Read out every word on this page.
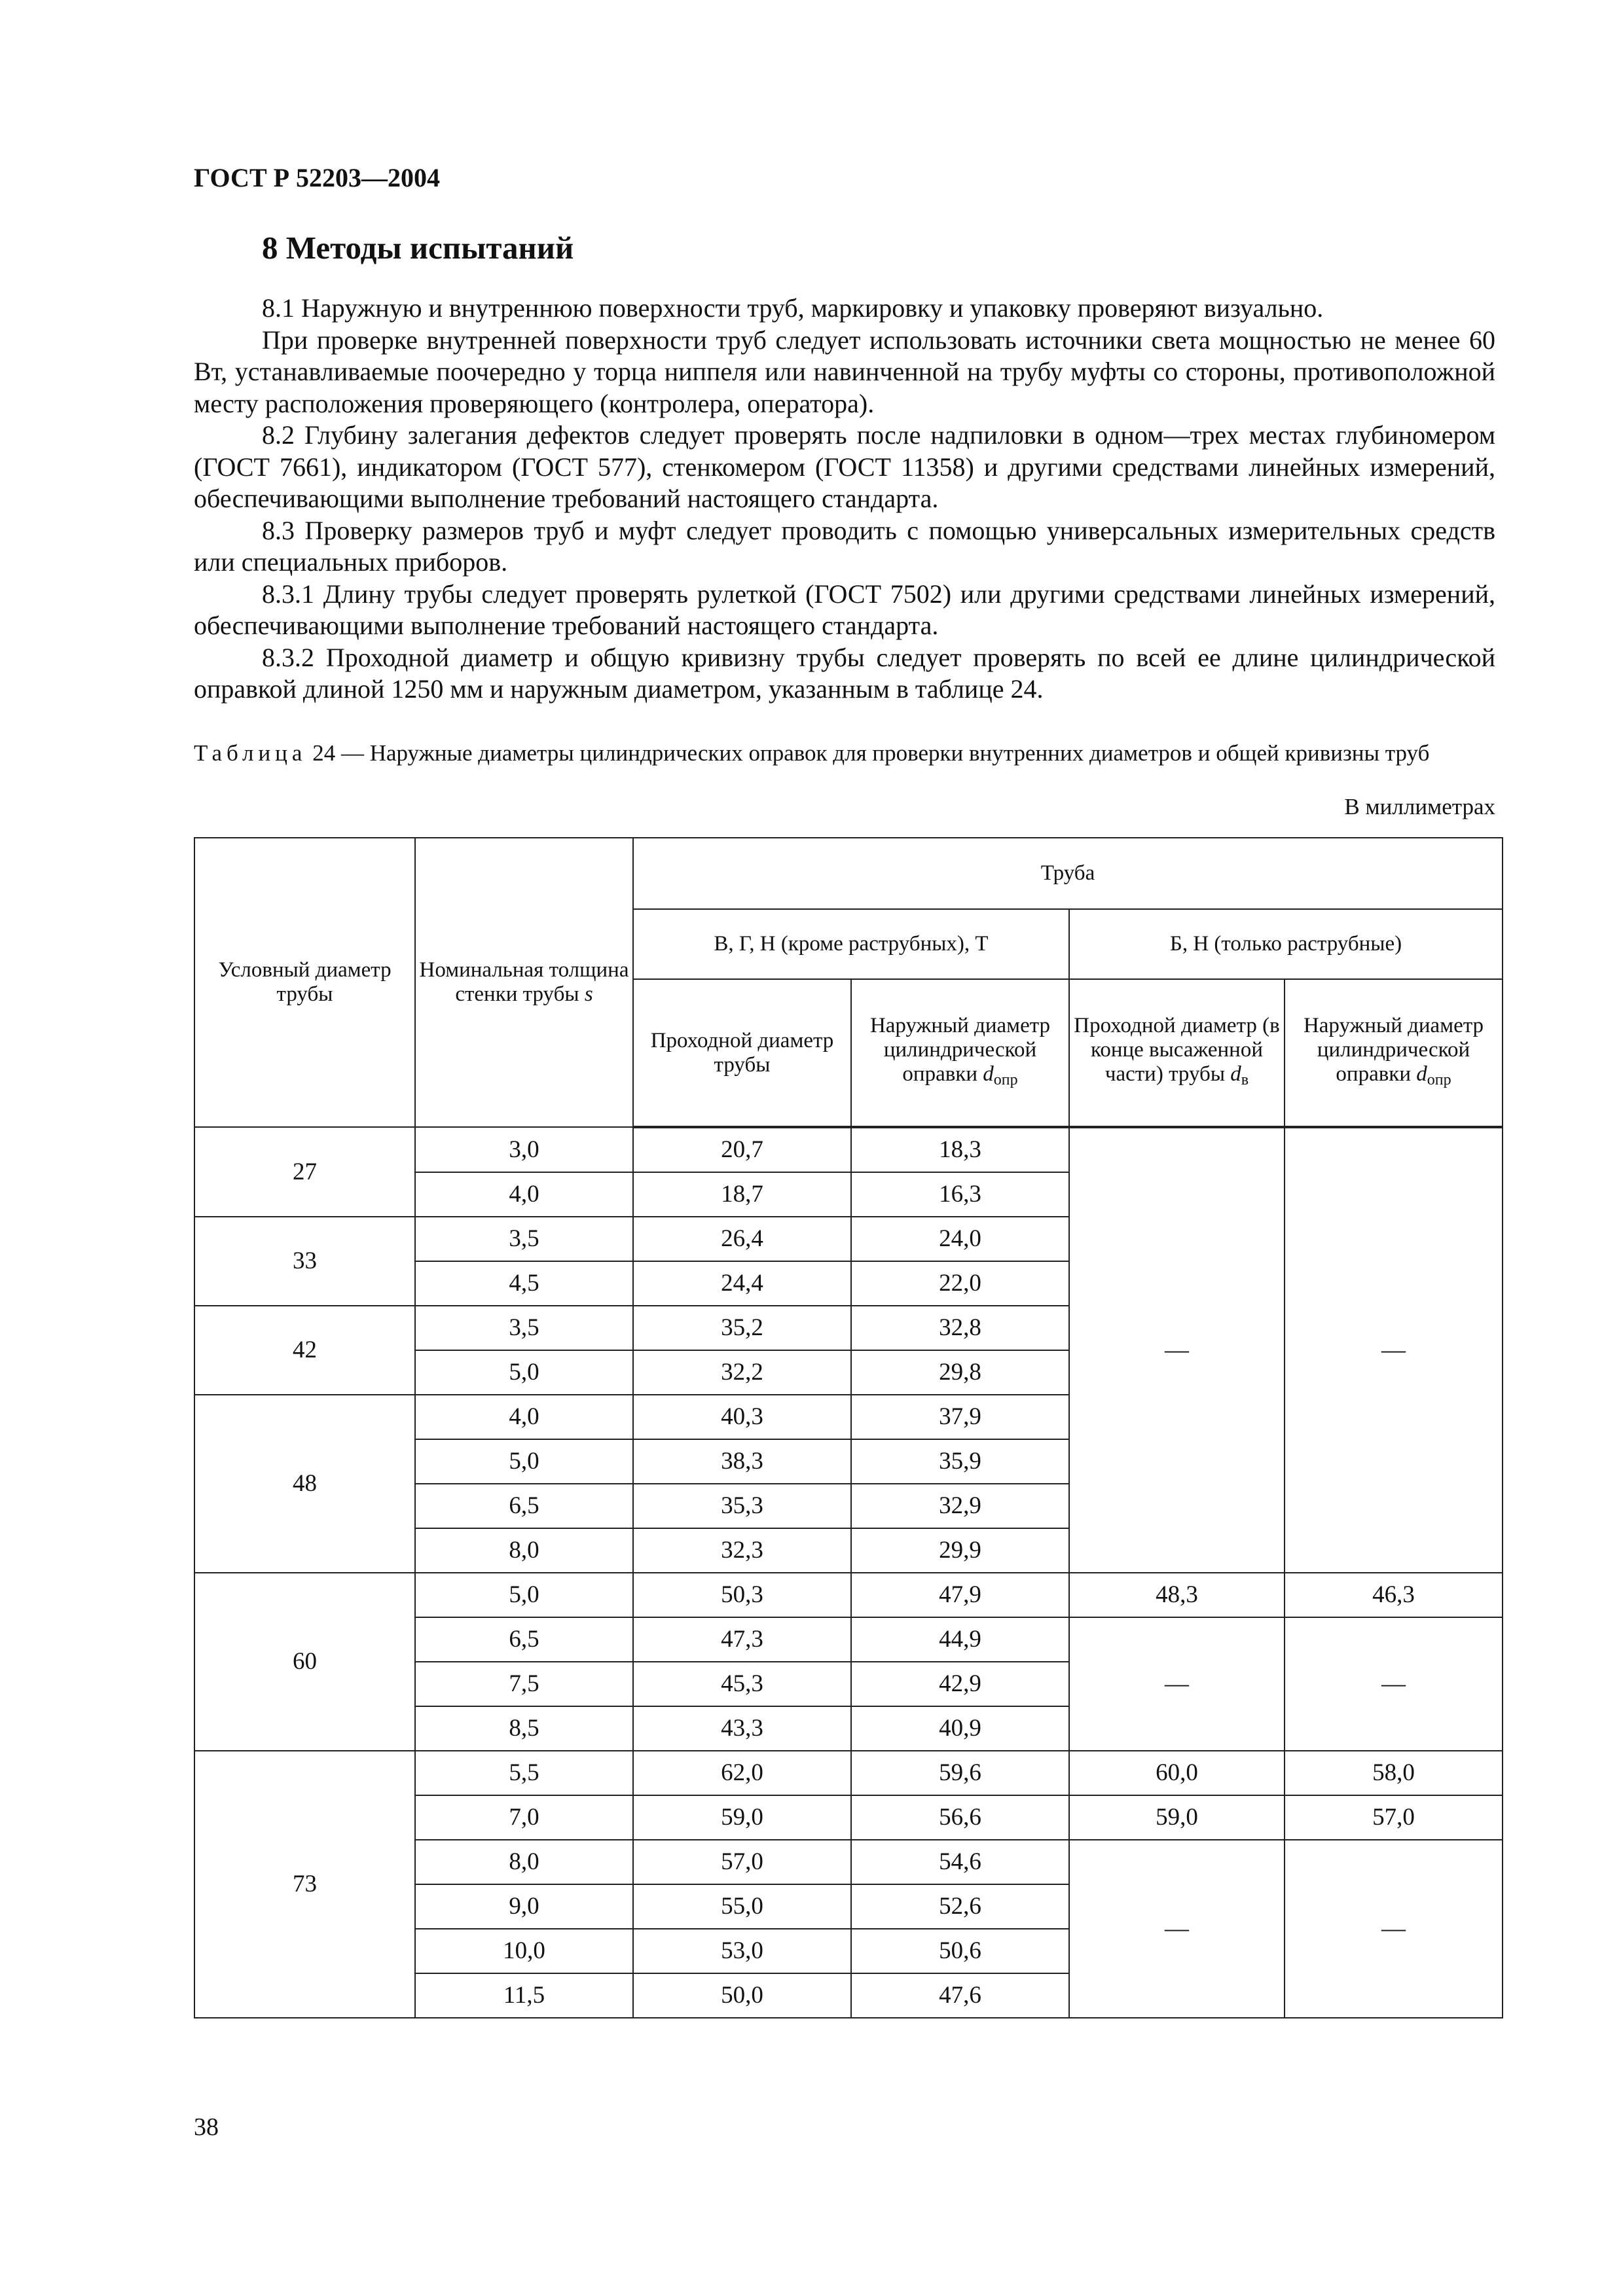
ГОСТ Р 52203—2004
8 Методы испытаний

8.1 Наружную и внутреннюю поверхности труб, маркировку и упаковку проверяют визуально.

При проверке внутренней поверхности труб следует использовать источники света мощностью не менее 60 Вт, устанавливаемые поочередно у торца ниппеля или навинченной на трубу муфты со стороны, противоположной месту расположения проверяющего (контролера, оператора).

8.2 Глубину залегания дефектов следует проверять после надпиловки в одном—трех местах глубиномером (ГОСТ 7661), индикатором (ГОСТ 577), стенкомером (ГОСТ 11358) и другими средствами линейных измерений, обеспечивающими выполнение требований настоящего стандарта.

8.3 Проверку размеров труб и муфт следует проводить с помощью универсальных измерительных средств или специальных приборов.

8.3.1 Длину трубы следует проверять рулеткой (ГОСТ 7502) или другими средствами линейных измерений, обеспечивающими выполнение требований настоящего стандарта.

8.3.2 Проходной диаметр и общую кривизну трубы следует проверять по всей ее длине цилиндрической оправкой длиной 1250 мм и наружным диаметром, указанным в таблице 24.

Таблица 24 — Наружные диаметры цилиндрических оправок для проверки внутренних диаметров и общей кривизны труб
В миллиметрах
Условный диаметр трубы	Номинальная толщина стенки трубы s	Труба			
		В, Г, Н (кроме раструбных), Т		Б, Н (только раструбные)	
		Проходной диаметр трубы	Наружный диаметр цилиндрической оправки $d_{опр}$	Проходной диаметр (в конце высаженной части) трубы $d_в$	Наружный диаметр цилиндрической оправки $d_{опр}$
27	3,0	20,7	18,3	—	—
	4,0	18,7	16,3		
33	3,5	26,4	24,0		
	4,5	24,4	22,0		
42	3,5	35,2	32,8		
	5,0	32,2	29,8		
48	4,0	40,3	37,9		
	5,0	38,3	35,9		
	6,5	35,3	32,9		
	8,0	32,3	29,9		
60	5,0	50,3	47,9	48,3	46,3
	6,5	47,3	44,9	—	—
	7,5	45,3	42,9		
	8,5	43,3	40,9		
73	5,5	62,0	59,6	60,0	58,0
	7,0	59,0	56,6	59,0	57,0
	8,0	57,0	54,6	—	—
	9,0	55,0	52,6		
	10,0	53,0	50,6		
	11,5	50,0	47,6		
38
